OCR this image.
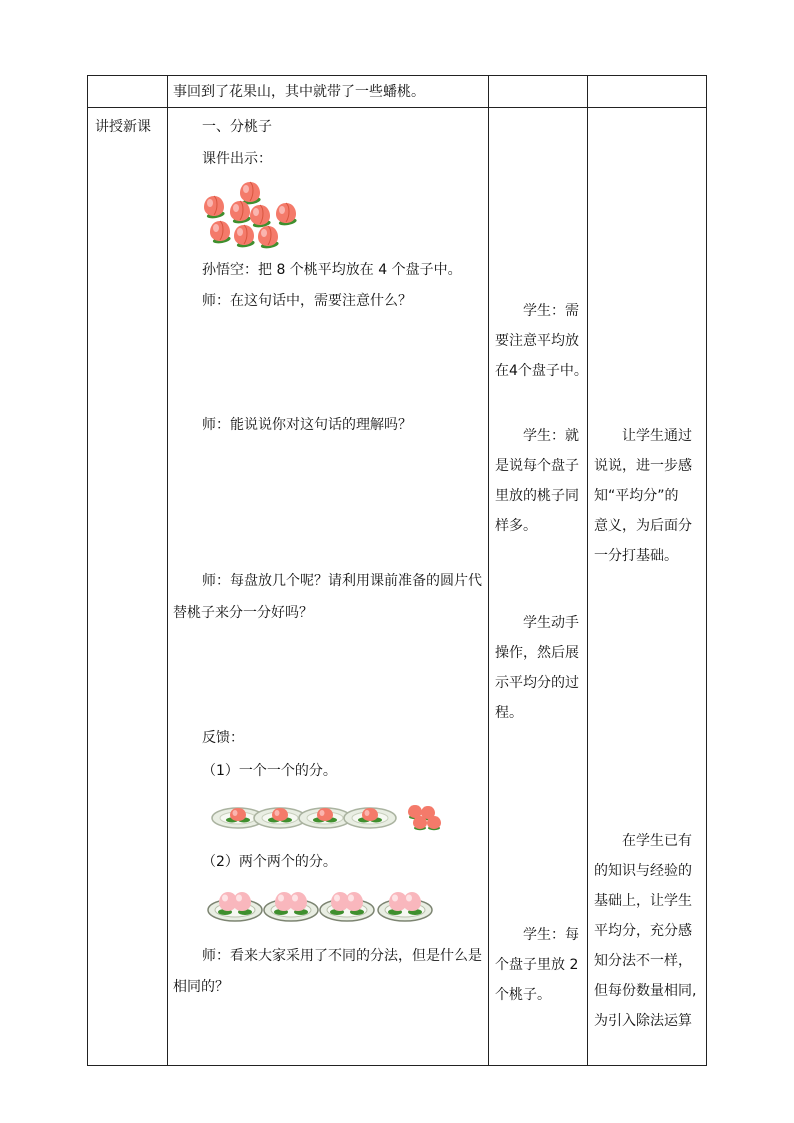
事回到了花果山，其中就带了一些蟠桃。
讲授新课	一、分桃子
课件出示：
孙悟空：把 8 个桃平均放在 4 个盘子中。
师：在这句话中，需要注意什么？
师：能说说你对这句话的理解吗？
师：每盘放几个呢？请利用课前准备的圆片代
替桃子来分一分好吗？
反馈：
（1）一个一个的分。
（2）两个两个的分。
师：看来大家采用了不同的分法，但是什么是
相同的？

学生：需

要注意平均放

在4个盘子中。

学生：就

是说每个盘子

里放的桃子同

样多。

学生动手

操作，然后展

示平均分的过

程。

学生：每

个盘子里放 2

个桃子。

让学生通过

说说，进一步感

知“平均分”的

意义，为后面分

一分打基础。

在学生已有

的知识与经验的

基础上，让学生

平均分，充分感

知分法不一样，

但每份数量相同,

为引入除法运算
